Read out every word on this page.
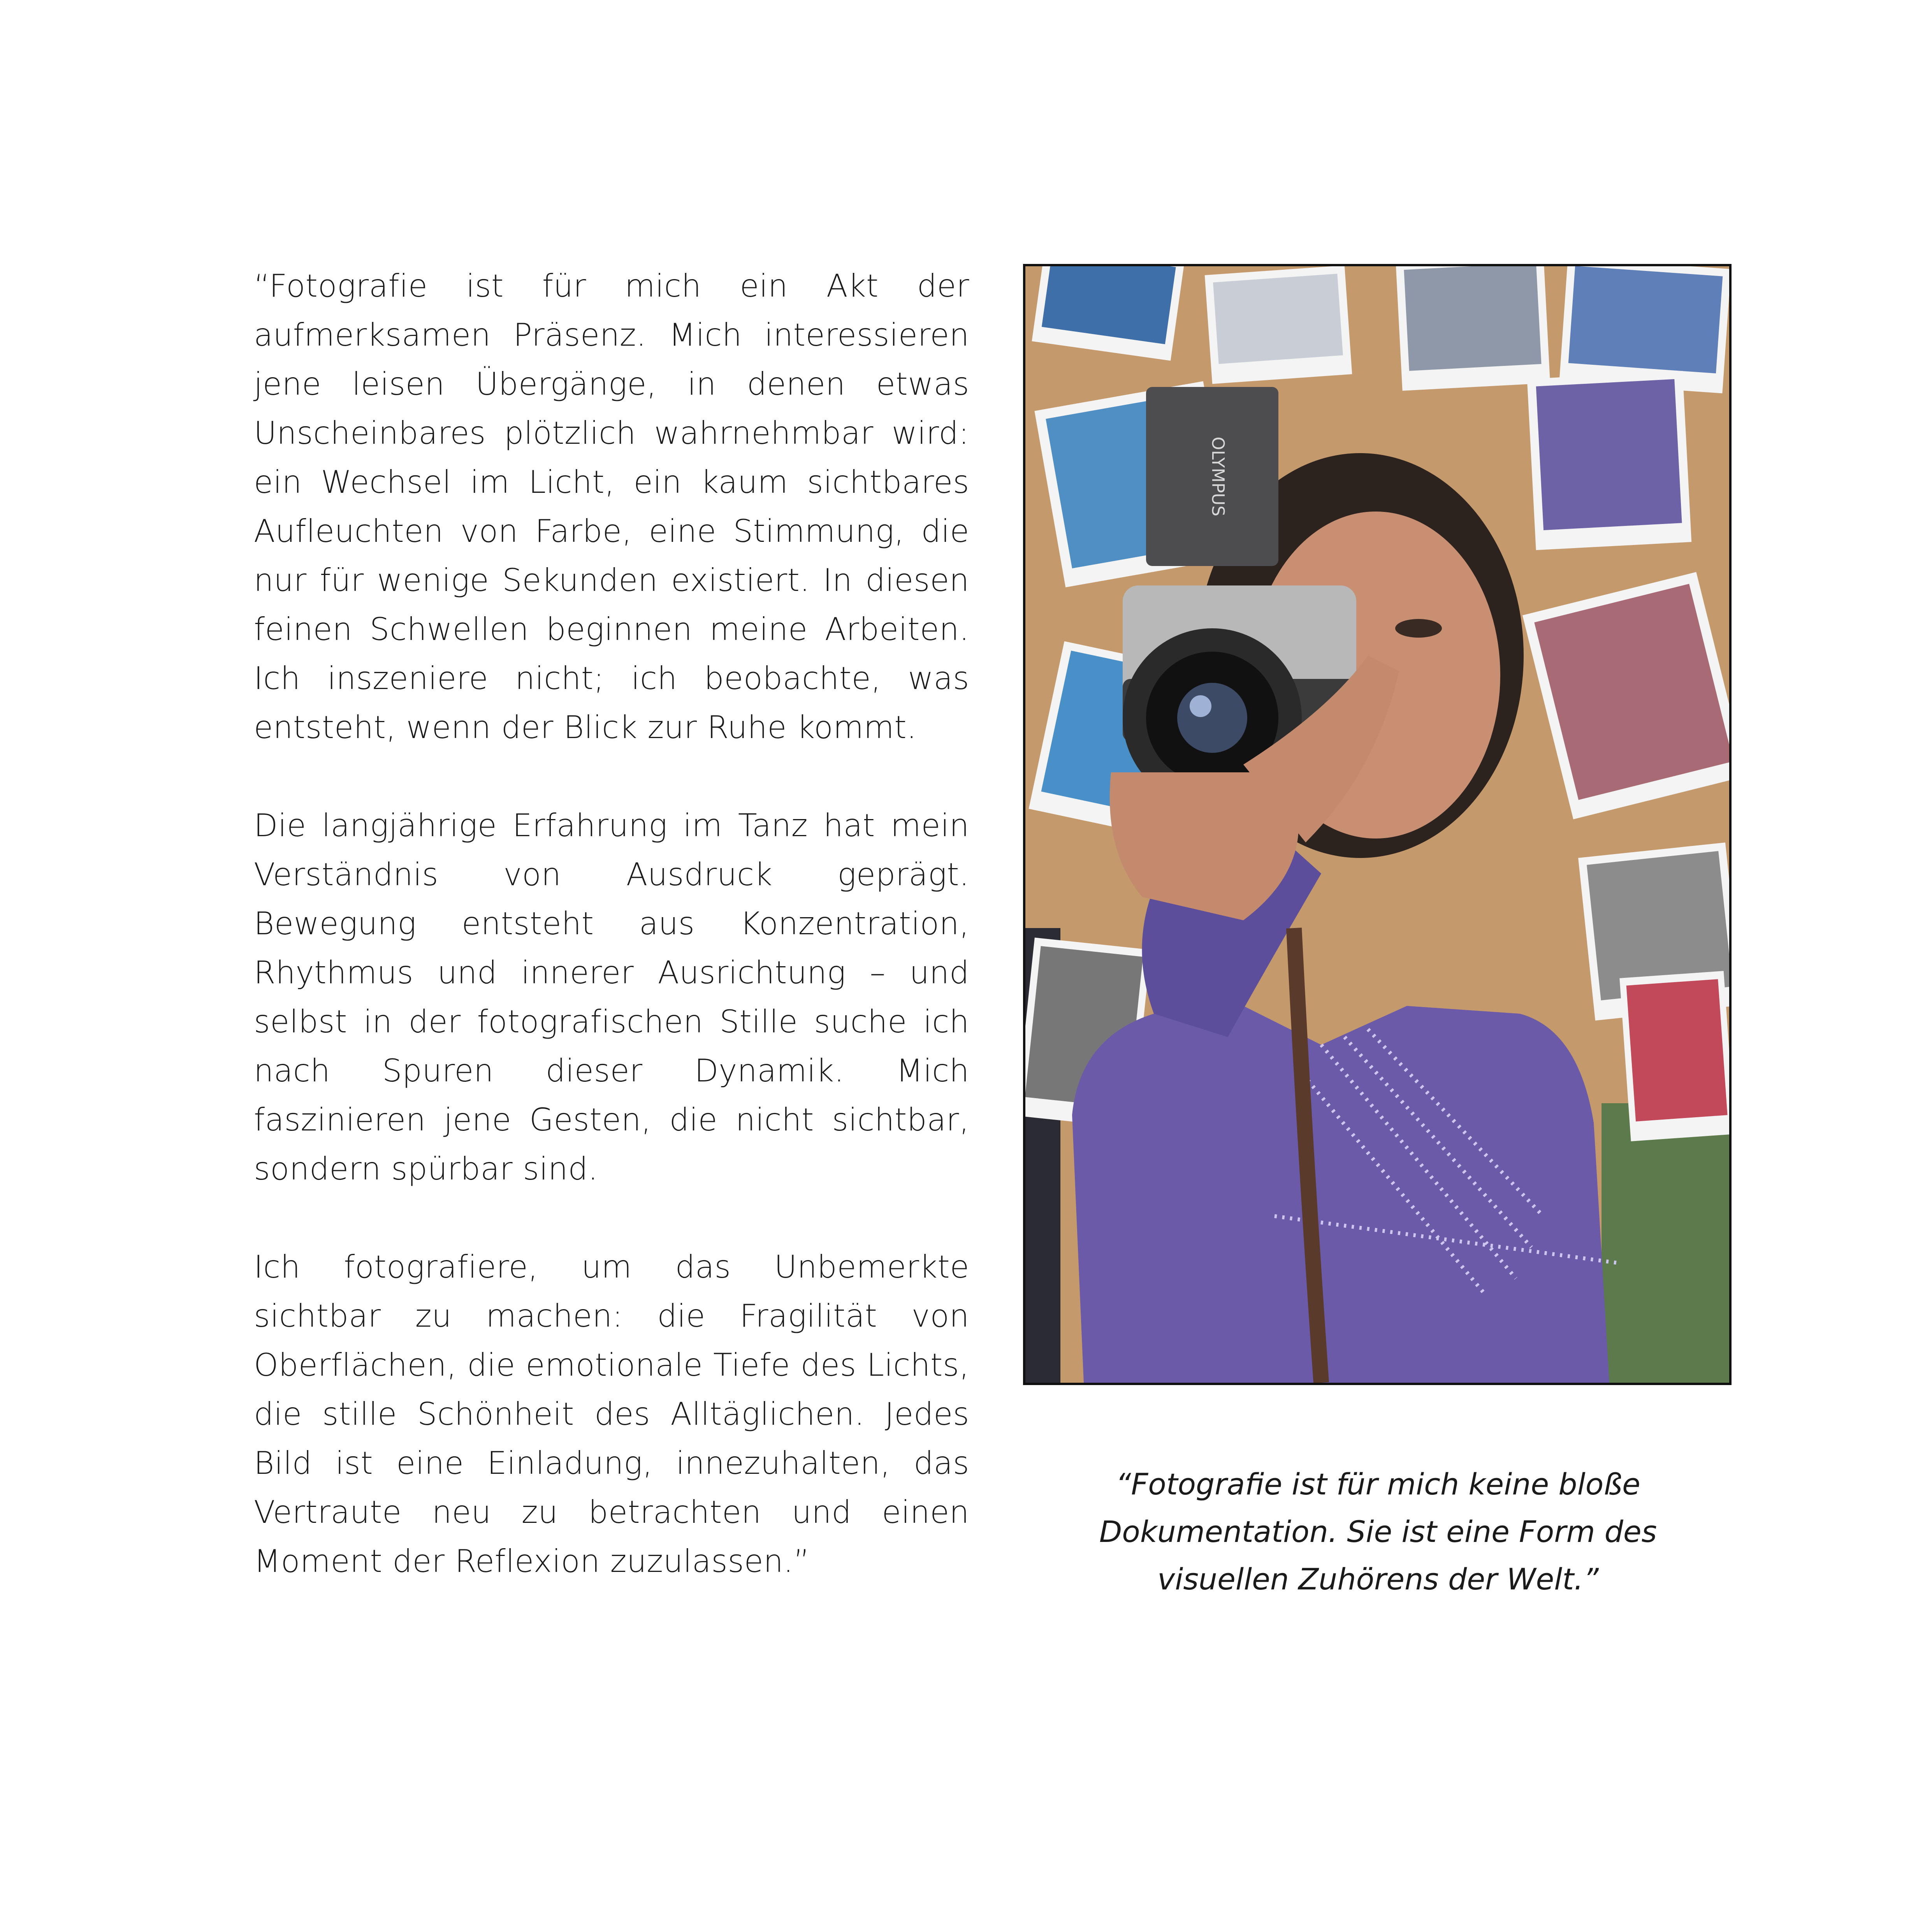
“Fotografie ist für mich ein Akt der aufmerksamen Präsenz. Mich interessieren jene leisen Übergänge, in denen etwas Unscheinbares plötzlich wahrnehmbar wird: ein Wechsel im Licht, ein kaum sichtbares Aufleuchten von Farbe, eine Stimmung, die nur für wenige Sekunden existiert. In diesen feinen Schwellen beginnen meine Arbeiten. Ich inszeniere nicht; ich beobachte, was entsteht, wenn der Blick zur Ruhe kommt.

Die langjährige Erfahrung im Tanz hat mein Verständnis von Ausdruck geprägt. Bewegung entsteht aus Konzentration, Rhythmus und innerer Ausrichtung – und selbst in der fotografischen Stille suche ich nach Spuren dieser Dynamik. Mich faszinieren jene Gesten, die nicht sichtbar, sondern spürbar sind.

Ich fotografiere, um das Unbemerkte sichtbar zu machen: die Fragilität von Oberflächen, die emotionale Tiefe des Lichts, die stille Schönheit des Alltäglichen. Jedes Bild ist eine Einladung, innezuhalten, das Vertraute neu zu betrachten und einen Moment der Reflexion zuzulassen.”

OLYMPUS
“Fotografie ist für mich keine bloße
Dokumentation. Sie ist eine Form des
visuellen Zuhörens der Welt.”
